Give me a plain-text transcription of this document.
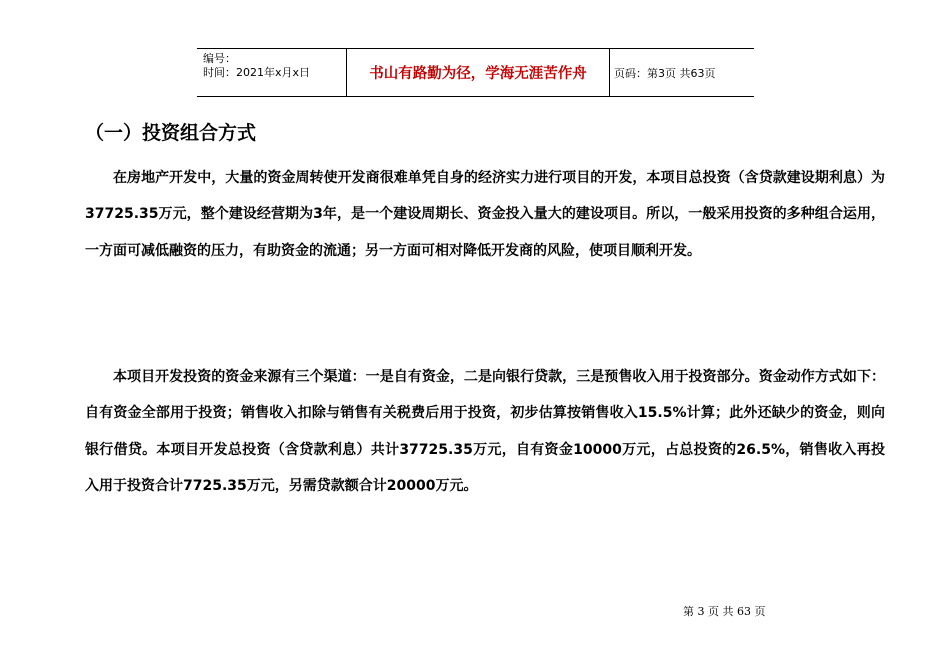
编号：
时间：2021年x月x日	书山有路勤为径，学海无涯苦作舟	页码：第3页 共63页
（一）投资组合方式

在房地产开发中，大量的资金周转使开发商很难单凭自身的经济实力进行项目的开发，本项目总投资（含贷款建设期利息）为37725.35万元，整个建设经营期为3年，是一个建设周期长、资金投入量大的建设项目。所以，一般采用投资的多种组合运用，一方面可减低融资的压力，有助资金的流通；另一方面可相对降低开发商的风险，使项目顺利开发。

本项目开发投资的资金来源有三个渠道：一是自有资金，二是向银行贷款，三是预售收入用于投资部分。资金动作方式如下：自有资金全部用于投资；销售收入扣除与销售有关税费后用于投资，初步估算按销售收入15.5%计算；此外还缺少的资金，则向银行借贷。本项目开发总投资（含贷款利息）共计37725.35万元，自有资金10000万元，占总投资的26.5%，销售收入再投入用于投资合计7725.35万元，另需贷款额合计20000万元。

第 3 页 共 63 页
